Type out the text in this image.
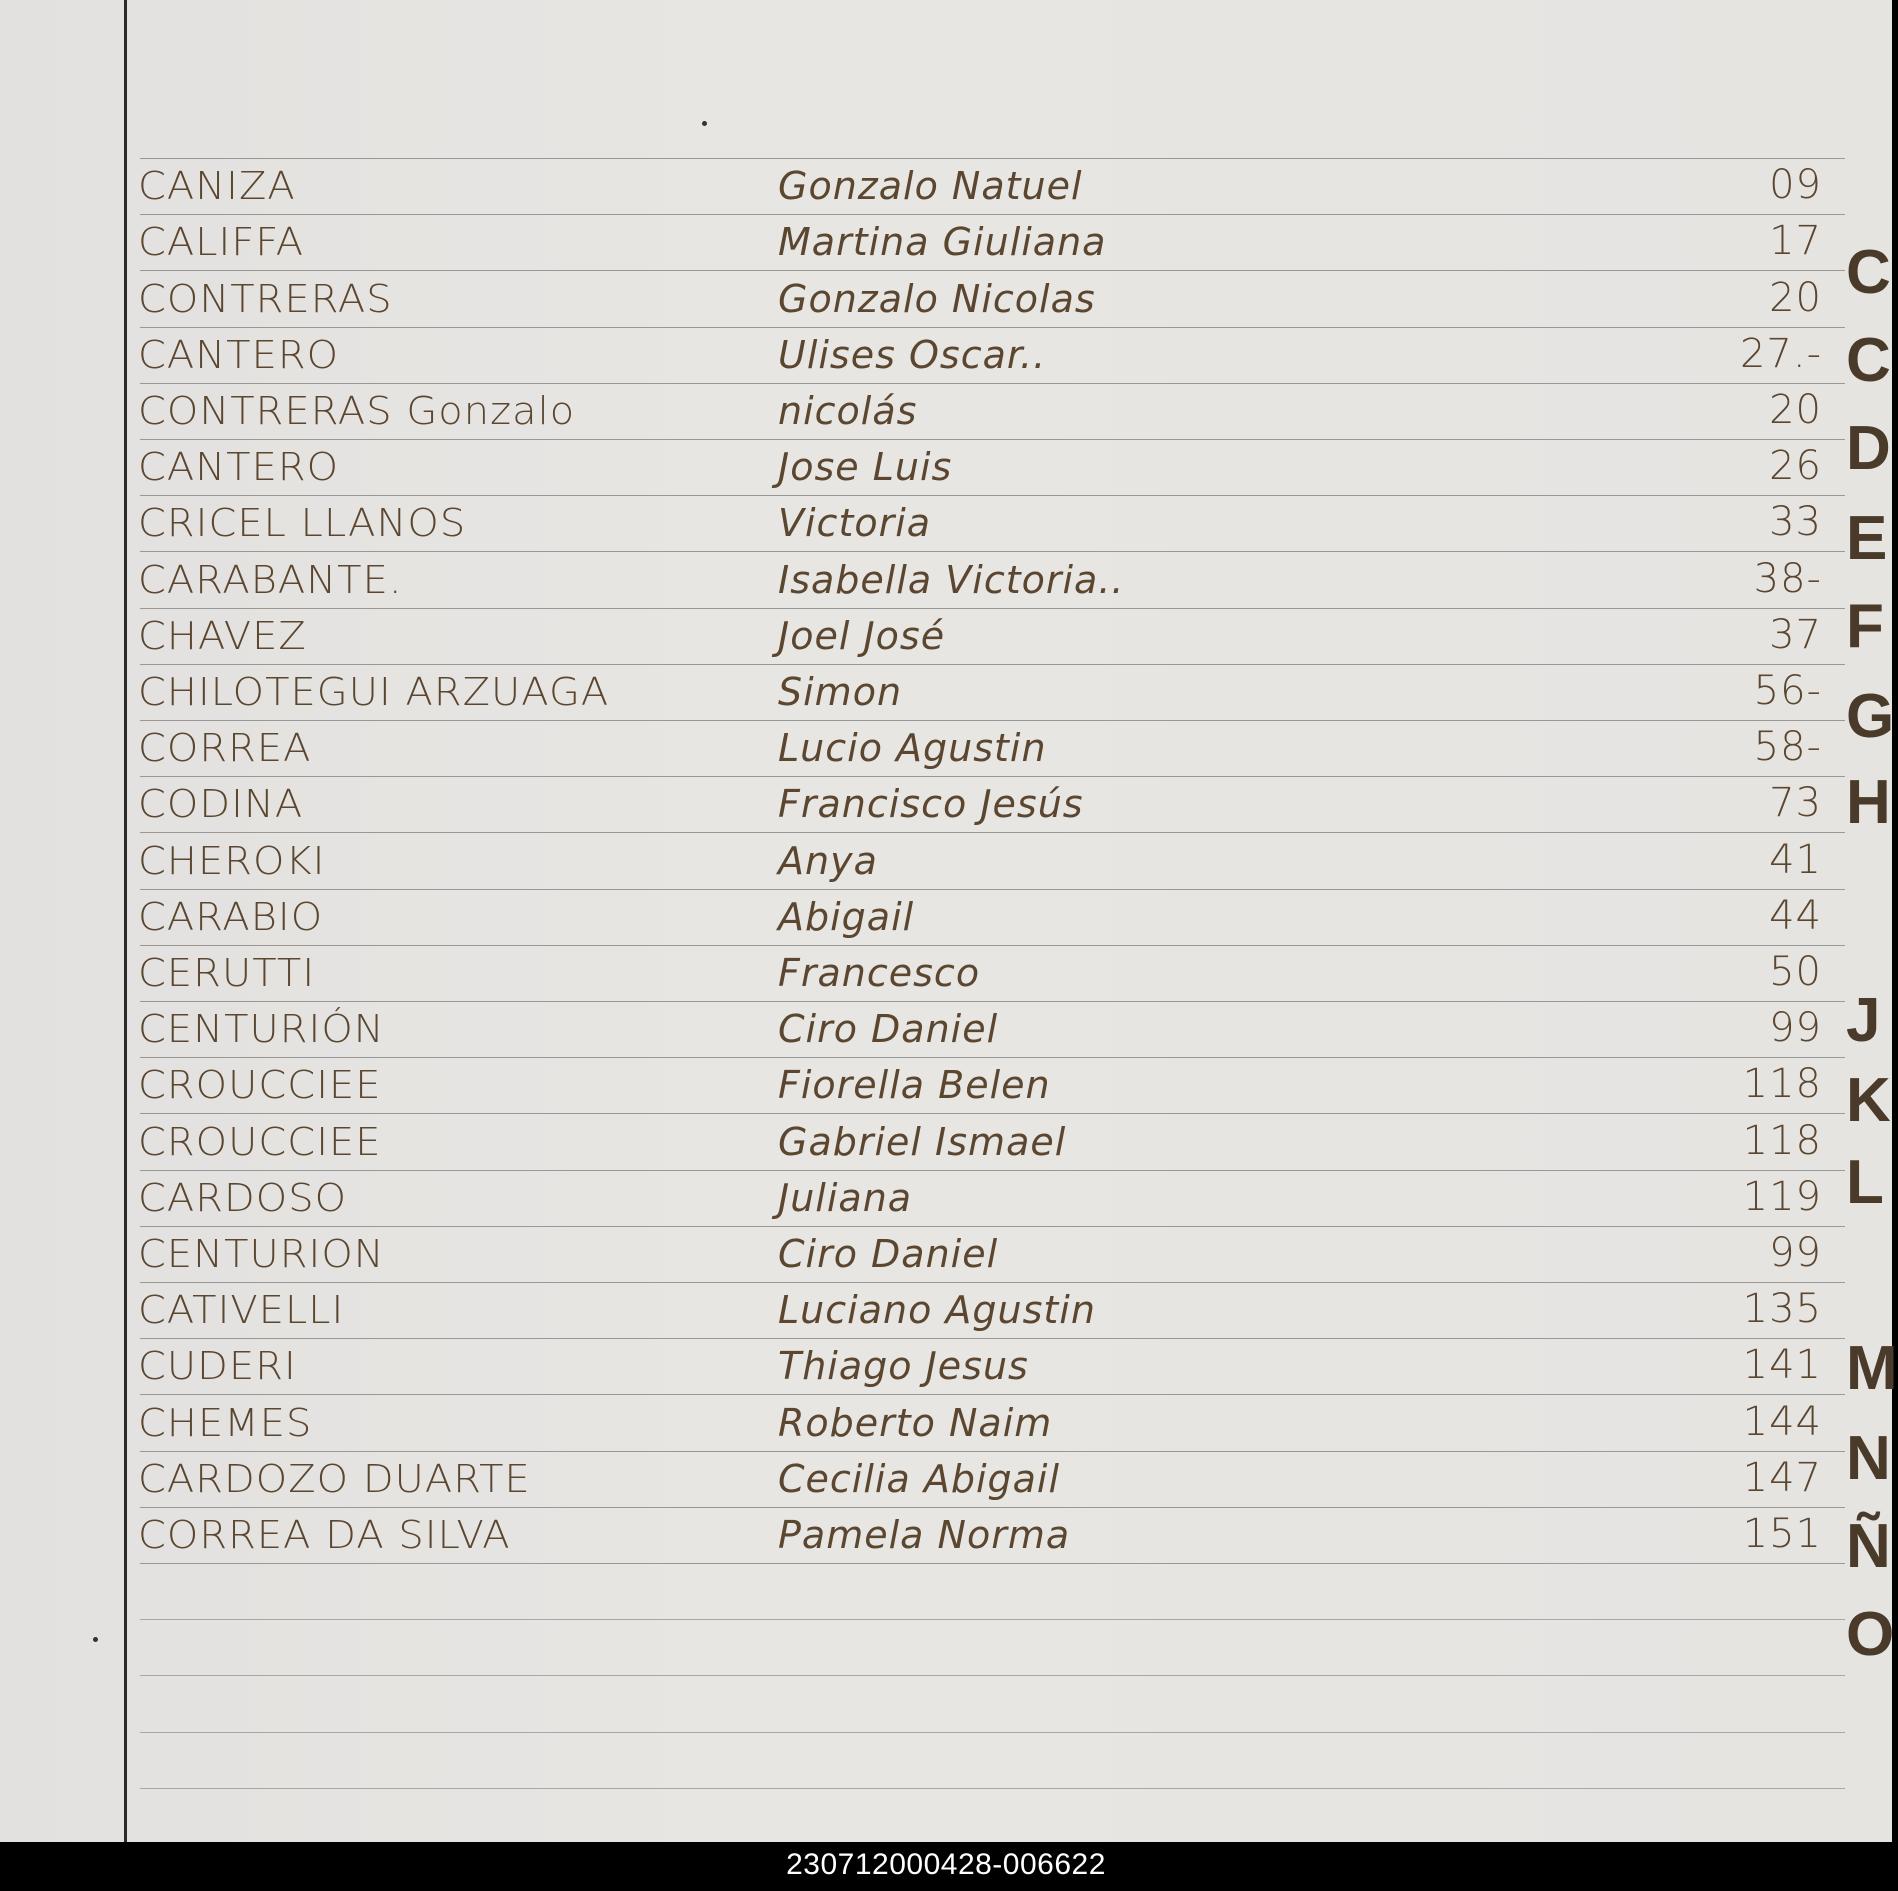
CANIZA	Gonzalo Natuel	09
CALIFFA	Martina Giuliana	17
CONTRERAS	Gonzalo Nicolas	20
CANTERO	Ulises Oscar..	27.-
CONTRERAS Gonzalo	nicolás	20
CANTERO	Jose Luis	26
CRICEL LLANOS	Victoria	33
CARABANTE.	Isabella Victoria..	38-
CHAVEZ	Joel José	37
CHILOTEGUI ARZUAGA	Simon	56-
CORREA	Lucio Agustin	58-
CODINA	Francisco Jesús	73
CHEROKI	Anya	41
CARABIO	Abigail	44
CERUTTI	Francesco	50
CENTURIÓN	Ciro Daniel	99
CROUCCIEE	Fiorella Belen	118
CROUCCIEE	Gabriel Ismael	118
CARDOSO	Juliana	119
CENTURION	Ciro Daniel	99
CATIVELLI	Luciano Agustin	135
CUDERI	Thiago Jesus	141
CHEMES	Roberto Naim	144
CARDOZO DUARTE	Cecilia Abigail	147
CORREA DA SILVA	Pamela Norma	151
C
C
D
E
F
G
H
J
K
L
M
N
Ñ
O
230712000428-006622
